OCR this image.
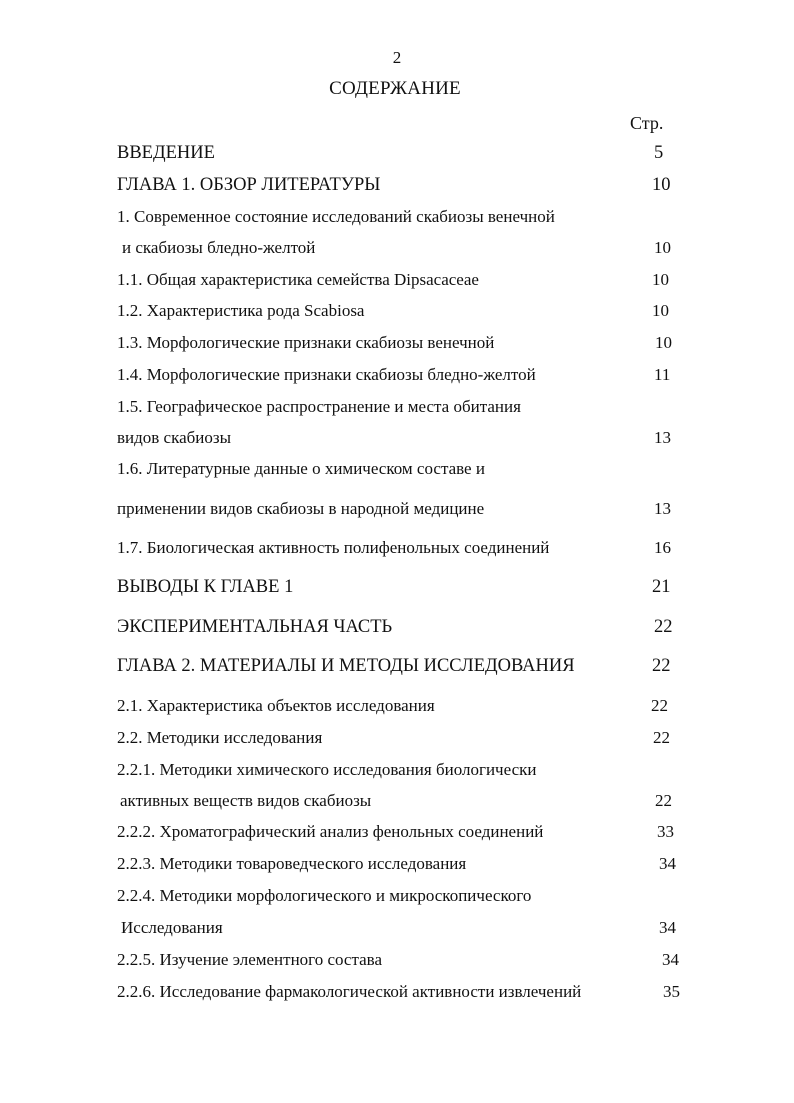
2
СОДЕРЖАНИЕ
Стр.
ВВЕДЕНИЕ	5
ГЛАВА 1. ОБЗОР ЛИТЕРАТУРЫ	10
1. Современное состояние исследований скабиозы венечной
и скабиозы бледно-желтой	10
1.1. Общая характеристика семейства Dipsacaceae	10
1.2. Характеристика рода Scabiosa	10
1.3. Морфологические признаки скабиозы венечной	10
1.4. Морфологические признаки скабиозы бледно-желтой	11
1.5. Географическое распространение и места обитания
видов скабиозы	13
1.6. Литературные данные о химическом составе и
применении видов скабиозы в народной медицине	13
1.7. Биологическая активность полифенольных соединений	16
ВЫВОДЫ К ГЛАВЕ 1	21
ЭКСПЕРИМЕНТАЛЬНАЯ ЧАСТЬ	22
ГЛАВА 2. МАТЕРИАЛЫ И МЕТОДЫ ИССЛЕДОВАНИЯ	22
2.1. Характеристика объектов исследования	22
2.2. Методики исследования	22
2.2.1. Методики химического исследования биологически
активных веществ видов скабиозы	22
2.2.2. Хроматографический анализ фенольных соединений	33
2.2.3. Методики товароведческого исследования	34
2.2.4. Методики морфологического и микроскопического
Исследования	34
2.2.5. Изучение элементного состава	34
2.2.6. Исследование фармакологической активности извлечений	35
